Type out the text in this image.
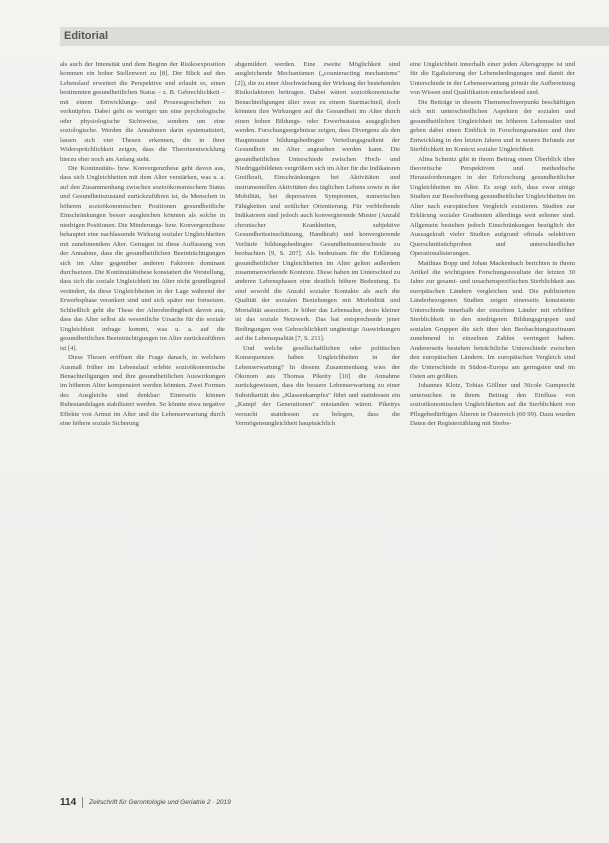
Editorial

als auch der Intensität und dem Beginn der Risikoexposition kommen ein hoher Stellenwert zu [8]. Der Blick auf den Lebenslauf erweitert die Perspektive und erlaubt es, einen bestimmten gesundheitlichen Status – z. B. Gebrechlichkeit – mit einem Entwicklungs- und Prozessgeschehen zu verknüpfen. Dabei geht es weniger um eine psychologische oder physiologische Sichtweise, sondern um eine soziologische. Werden die Annahmen darin systematisiert, lassen sich vier Thesen erkennen, die in ihrer Widersprüchlichkeit zeigen, dass die Theorieentwicklung hierzu eher noch am Anfang steht.

Die Kontinuitäts- bzw. Konvergenzthese geht davon aus, dass sich Ungleichheiten mit dem Alter verstärken, was u. a. auf den Zusammenhang zwischen sozioökonomischem Status und Gesundheitszustand zurückzuführen ist, da Menschen in höheren sozioökonomischen Positionen gesundheitliche Einschränkungen besser ausgleichen könnten als solche in niedrigen Positionen. Die Minderungs- bzw. Konvergenzthese behauptet eine nachlassende Wirkung sozialer Ungleichheiten mit zunehmendem Alter. Getragen ist diese Auffassung von der Annahme, dass die gesundheitlichen Beeinträchtigungen sich im Alter gegenüber anderen Faktoren dominant durchsetzen. Die Kontinuitätsthese konstatiert die Vorstellung, dass sich die soziale Ungleichheit im Alter nicht grundlegend verändert, da diese Ungleichheiten in der Lage während der Erwerbsphase verankert sind und sich später nur fortsetzen. Schließlich geht die These der Altersbedingtheit davon aus, dass das Alter selbst als wesentliche Ursache für die soziale Ungleichheit infrage kommt, was u. a. auf die gesundheitlichen Beeinträchtigungen im Alter zurückzuführen ist [4].

Diese Thesen eröffnen die Frage danach, in welchem Ausmaß früher im Lebenslauf erlebte sozioökonomische Benachteiligungen und ihre gesundheitlichen Auswirkungen im höheren Alter kompensiert werden könnten. Zwei Formen des Ausgleichs sind denkbar: Einerseits können Ruhestandslagen stabilisiert werden. So könnte etwa negative Effekte von Armut im Alter und die Lebenserwartung durch eine höhere soziale Sicherung

abgemildert werden. Eine zweite Möglichkeit sind ausgleichende Mechanismen („counteracting mechanisms" [2]), die zu einer Abschwächung der Wirkung der bestehenden Risikofaktoren beitragen. Dabei wären sozioökonomische Benachteiligungen älter zwar zu einem Startnachteil, doch könnten ihre Wirkungen auf die Gesundheit im Alter durch einen hohen Bildungs- oder Erwerbsstatus ausgeglichen werden. Forschungsergebnisse zeigen, dass Divergenz als den Hauptmuster bildungsbedingter Verteilungsgradient der Gesundheit im Alter angesehen werden kann. Die gesundheitlichen Unterschiede zwischen Hoch- und Niedriggebildeten vergrößern sich im Alter für die Indikatoren Greifkraft, Einschränkungen bei Aktivitäten und instrumentellen Aktivitäten des täglichen Lebens sowie in der Mobilität, bei depressiven Symptomen, numerischen Fähigkeiten und zeitlicher Orientierung. Für verbleibende Indikatoren sind jedoch auch konvergierende Muster (Anzahl chronischer Krankheiten, subjektive Gesundheitseinschätzung, Handkraft) und konvergierende Verläufe bildungsbedingter Gesundheitsunterschiede zu beobachten [9, S. 207]. Als bedeutsam für die Erklärung gesundheitlicher Ungleichheiten im Alter gelten außerdem zusammenwirkende Kontexte. Diese haben im Unterschied zu anderen Lebensphasen eine deutlich höhere Bedeutung. Es sind sowohl die Anzahl sozialer Kontakte als auch die Qualität der sozialen Beziehungen mit Morbidität und Mortalität assoziiert. Je höher das Lebensalter, desto kleiner ist das soziale Netzwerk. Das hat entsprechende jener Bedingungen von Gebrechlichkeit ungünstige Auswirkungen auf die Lebensqualität [7, S. 211].

Und welche gesellschaftlichen oder politischen Konsequenzen haben Ungleichheiten in der Lebenserwartung? In diesem Zusammenhang wies der Ökonom aus Thomas Piketty [10] die Annahme zurückgewiesen, dass die bessere Lebenserwartung zu einer Subsidiarität des „Klassenkampfes" führt und stattdessen ein „Kampf der Generationen" entstanden wären. Pikettys versucht stattdessen zu belegen, dass die Vermögensungleichheit hauptsächlich

eine Ungleichheit innerhalb einer jeden Altersgruppe ist und für die Egalisierung der Lebensbedingungen und damit der Unterschiede in der Lebenserwartung primär die Aufbereitung von Wissen und Qualifikation entscheidend sind.

Die Beiträge in diesem Themenschwerpunkt beschäftigen sich mit unterschiedlichen Aspekten der sozialen und gesundheitlichen Ungleichheit im höheren Lebensalter und geben dabei einen Einblick in Forschungsansätze und ihre Entwicklung in den letzten Jahren und in neuere Befunde zur Sterblichkeit im Kontext sozialer Ungleichheit.

Alina Schmitz gibt in ihrem Beitrag einen Überblick über theoretische Perspektiven und methodische Herausforderungen in der Erforschung gesundheitlicher Ungleichheiten im Alter. Es zeigt sich, dass zwar einige Studien zur Beschreibung gesundheitlicher Ungleichheiten im Alter nach europäischen Vergleich existieren. Studien zur Erklärung sozialer Gradienten allerdings weit seltener sind. Allgemein bestehen jedoch Einschränkungen bezüglich der Aussagekraft vieler Studien aufgrund oftmals selektiven Querschnittstichproben und unterschiedlicher Operationalisierungen.

Matthias Bopp und Johan Mackenbach berichten in ihrem Artikel die wichtigsten Forschungsresultate der letzten 30 Jahre zur gesamt- und ursachenspezifischen Sterblichkeit aus europäischen Ländern vergleichen und. Die publizierten Länderbezogenen Studien zeigen einerseits konsistente Unterschiede innerhalb der einzelnen Länder mit erhöhter Sterblichkeit in den niedrigeren Bildungsgruppen und sozialen Gruppen die sich über den Beobachtungszeitraum zunehmend in einzelnen Zahlen verringert haben. Andererseits bestehen beträchtliche Unterschiede zwischen den europäischen Ländern. Im europäischen Vergleich sind die Unterschiede in Südost-Europa am geringsten und im Osten am größten.

Johannes Klotz, Tobias Göllner und Nicole Gumprecht untersuchen in ihrem Beitrag den Einfluss von sozioökonomischen Ungleichheiten auf die Sterblichkeit von Pflegebedürftigen Älteren in Österreich (60 99). Dazu wurden Daten der Registerzählung mit Sterbe-

114 Zeitschrift für Gerontologie und Geriatrie 2 · 2019
